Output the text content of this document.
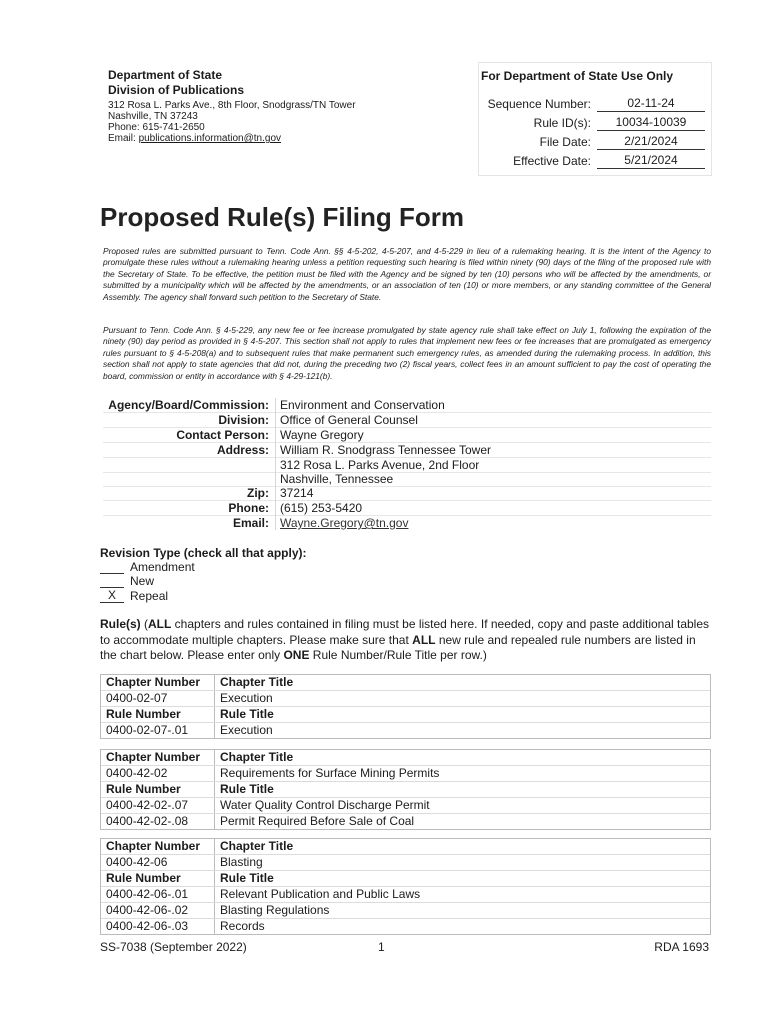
Department of State
Division of Publications
312 Rosa L. Parks Ave., 8th Floor, Snodgrass/TN Tower
Nashville, TN 37243
Phone: 615-741-2650
Email: publications.information@tn.gov
For Department of State Use Only
Sequence Number:	02-11-24
Rule ID(s):	10034-10039
File Date:	2/21/2024
Effective Date:	5/21/2024
Proposed Rule(s) Filing Form
Proposed rules are submitted pursuant to Tenn. Code Ann. §§ 4-5-202, 4-5-207, and 4-5-229 in lieu of a rulemaking hearing. It is the intent of the Agency to promulgate these rules without a rulemaking hearing unless a petition requesting such hearing is filed within ninety (90) days of the filing of the proposed rule with the Secretary of State. To be effective, the petition must be filed with the Agency and be signed by ten (10) persons who will be affected by the amendments, or submitted by a municipality which will be affected by the amendments, or an association of ten (10) or more members, or any standing committee of the General Assembly. The agency shall forward such petition to the Secretary of State.
Pursuant to Tenn. Code Ann. § 4-5-229, any new fee or fee increase promulgated by state agency rule shall take effect on July 1, following the expiration of the ninety (90) day period as provided in § 4-5-207. This section shall not apply to rules that implement new fees or fee increases that are promulgated as emergency rules pursuant to § 4-5-208(a) and to subsequent rules that make permanent such emergency rules, as amended during the rulemaking process. In addition, this section shall not apply to state agencies that did not, during the preceding two (2) fiscal years, collect fees in an amount sufficient to pay the cost of operating the board, commission or entity in accordance with § 4-29-121(b).
Agency/Board/Commission: Environment and Conservation
Division: Office of General Counsel
Contact Person: Wayne Gregory
Address: William R. Snodgrass Tennessee Tower
312 Rosa L. Parks Avenue, 2nd Floor
Nashville, Tennessee
Zip: 37214
Phone: (615) 253-5420
Email: Wayne.Gregory@tn.gov
Revision Type (check all that apply):
Amendment
New
X	Repeal
Rule(s) (ALL chapters and rules contained in filing must be listed here. If needed, copy and paste additional tables to accommodate multiple chapters. Please make sure that ALL new rule and repealed rule numbers are listed in the chart below. Please enter only ONE Rule Number/Rule Title per row.)
Chapter Number Chapter Title
0400-02-07	Execution
Rule Number	Rule Title
0400-02-07-.01	Execution
Chapter Number Chapter Title
0400-42-02	Requirements for Surface Mining Permits
Rule Number	Rule Title
0400-42-02-.07	Water Quality Control Discharge Permit
0400-42-02-.08	Permit Required Before Sale of Coal
Chapter Number Chapter Title
0400-42-06	Blasting
Rule Number	Rule Title
0400-42-06-.01	Relevant Publication and Public Laws
0400-42-06-.02	Blasting Regulations
0400-42-06-.03	Records
SS-7038 (September 2022)	1	RDA 1693
